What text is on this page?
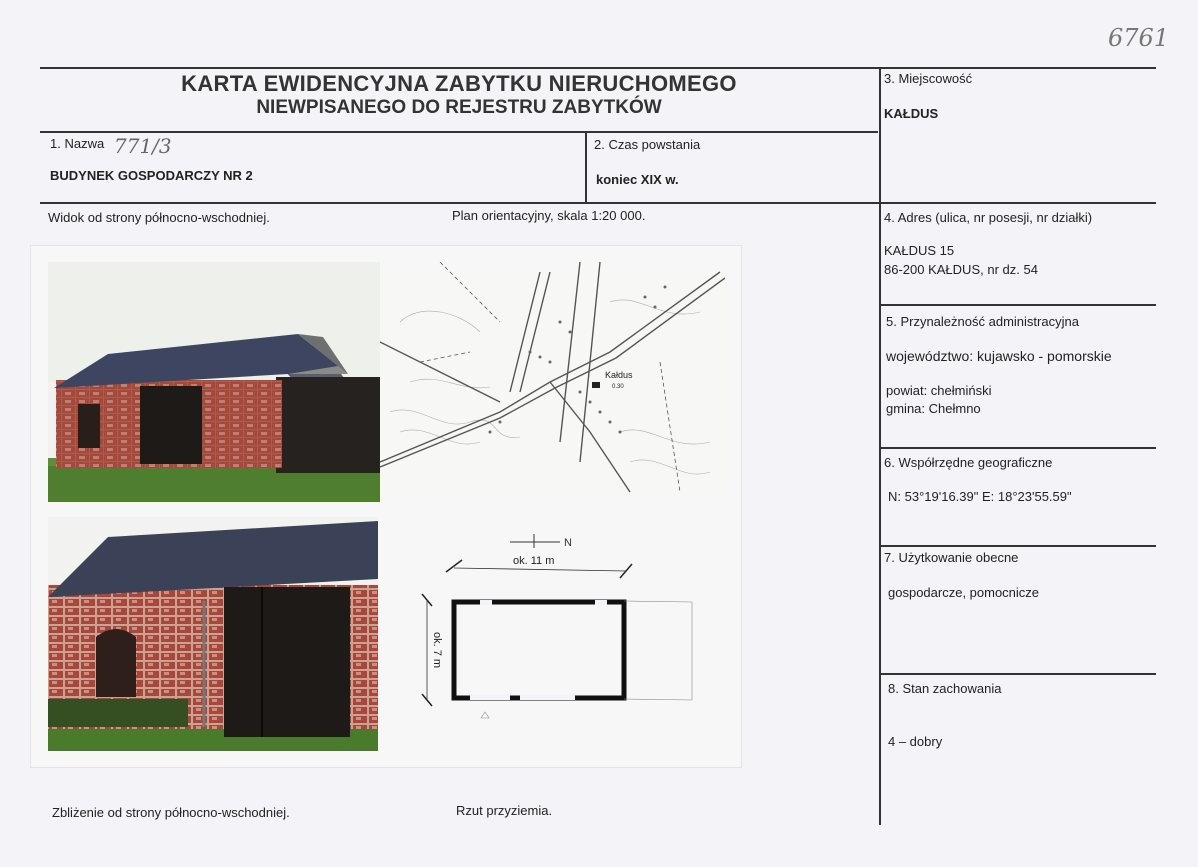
6761
KARTA EWIDENCYJNA ZABYTKU NIERUCHOMEGO
NIEWPISANEGO DO REJESTRU ZABYTKÓW
1. Nazwa 771/3
BUDYNEK GOSPODARCZY NR 2
2. Czas powstania
koniec XIX w.
3. Miejscowość
KAŁDUS
4. Adres (ulica, nr posesji, nr działki)
KAŁDUS 15
86-200 KAŁDUS, nr dz. 54
5. Przynależność administracyjna
województwo: kujawsko - pomorskie
powiat: chełmiński
gmina: Chełmno
6. Współrzędne geograficzne
N: 53°19'16.39" E: 18°23'55.59"
7. Użytkowanie obecne
gospodarcze, pomocnicze
8. Stan zachowania
4 – dobry
Widok od strony północno-wschodniej.	Plan orientacyjny, skala 1:20 000.
Zbliżenie od strony północno-wschodniej.	Rzut przyziemia.
Kałdus
0.30
N
ok. 11 m
ok. 7 m
